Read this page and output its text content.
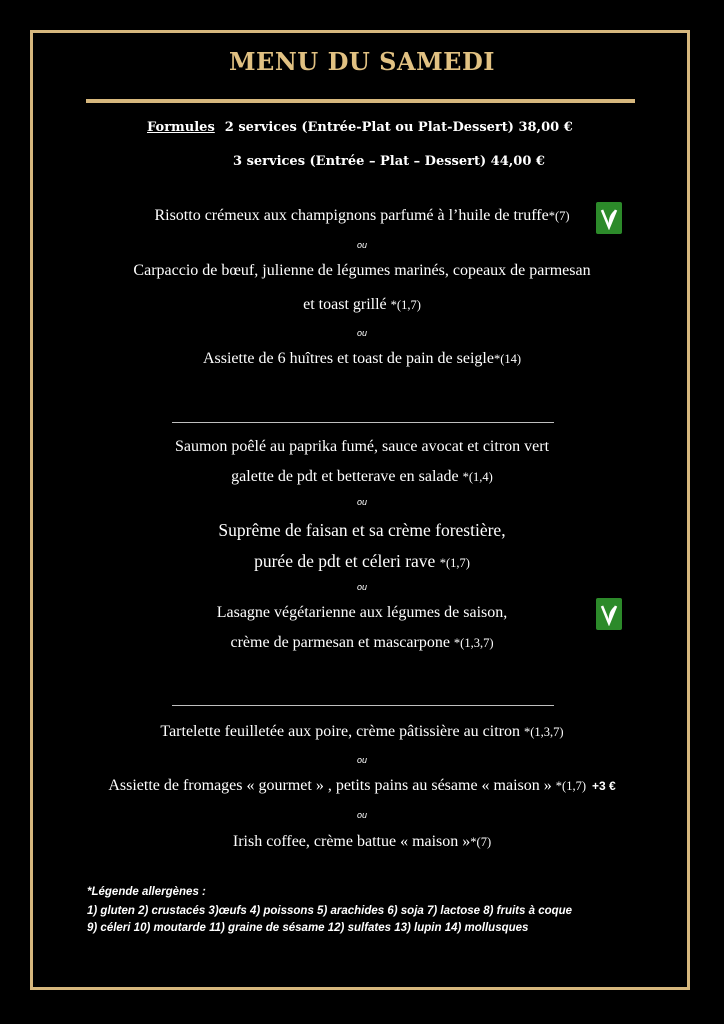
MENU DU SAMEDI
Formules 2 services (Entrée-Plat ou Plat-Dessert) 38,00 €
3 services (Entrée – Plat – Dessert) 44,00 €
Risotto crémeux aux champignons parfumé à l’huile de truffe*(7)
ou
Carpaccio de bœuf, julienne de légumes marinés, copeaux de parmesan
et toast grillé *(1,7)
ou
Assiette de 6 huîtres et toast de pain de seigle*(14)
Saumon poêlé au paprika fumé, sauce avocat et citron vert
galette de pdt et betterave en salade *(1,4)
ou
Suprême de faisan et sa crème forestière,
purée de pdt et céleri rave *(1,7)
ou
Lasagne végétarienne aux légumes de saison,
crème de parmesan et mascarpone *(1,3,7)
Tartelette feuilletée aux poire, crème pâtissière au citron *(1,3,7)
ou
Assiette de fromages « gourmet » , petits pains au sésame « maison » *(1,7) +3 €
ou
Irish coffee, crème battue « maison »*(7)
*Légende allergènes :
1) gluten 2) crustacés 3)œufs 4) poissons 5) arachides 6) soja 7) lactose 8) fruits à coque
9) céleri 10) moutarde 11) graine de sésame 12) sulfates 13) lupin 14) mollusques
